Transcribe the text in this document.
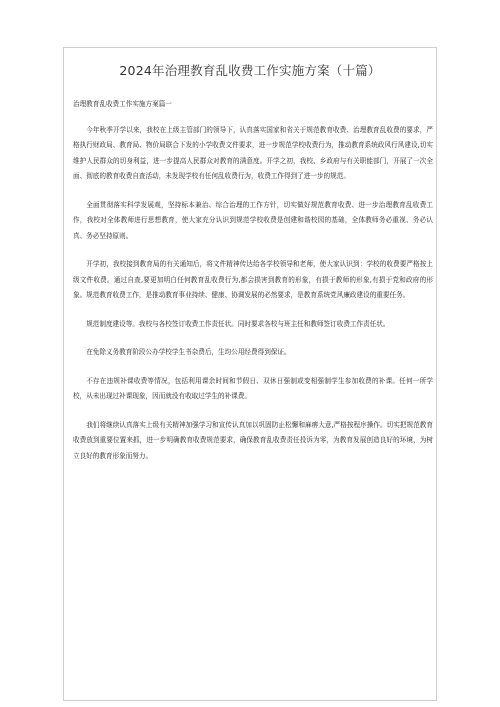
2024年治理教育乱收费工作实施方案（十篇）

治理教育乱收费工作实施方案篇一

今年秋季开学以来，我校在上级主管部门的领导下，认真落实国家和省关于规范教育收费、治理教育乱收费的要求，严格执行财政局、教育局、物价局联合下发的小学收费文件要求，进一步规范学校收费行为，推动教育系统政风行风建设,切实维护人民群众的切身利益，进一步提高人民群众对教育的满意度。开学之初，我校、乡政府与有关职能部门，开展了一次全面、彻底的教育收费自查活动，未发现学校有任何乱收费行为，收费工作得到了进一步的规范。

全面贯彻落实科学发展观，坚持标本兼治、综合治理的工作方针，切实做好规范教育收费、进一步治理教育乱收费工作，我校对全体教师进行思想教育，使大家充分认识到规范学校收费是创建和谐校园的基础，全体教师务必重视、务必认真、务必坚持原则。

开学初，我校接到教育局的有关通知后，将文件精神传达给各学校领导和老师，使大家认识到：学校的收费要严格按上级文件收费。通过自查,要更加明白任何教育乱收费行为,都会损害到教育的形象，有损于教师的形象,有损于党和政府的形象。规范教育收费工作，是推动教育事业持续、健康、协调发展的必然要求，是教育系统党风廉政建设的重要任务。

规范制度建设等。我校与各校签订收费工作责任状。同时要求各校与班主任和教师签订收费工作责任状。

在免除义务教育阶段公办学校学生书杂费后，生均公用经费得到保证。

不存在违规补课收费等情况，包括利用课余时间和节假日、双休日强制或变相强制学生参加收费的补课。任何一所学校，从未出现过补课现象，因而就没有收取过学生的补课费。

我们将继续认真落实上级有关精神加强学习和宣传认真加以巩固防止松懈和麻痹大意,严格按程序操作。切实把规范教育收费放到重要位置来抓，进一步明确教育收费规范要求，确保教育乱收费责任投诉为零，为教育发展创造良好的环境，为树立良好的教育形象而努力。
